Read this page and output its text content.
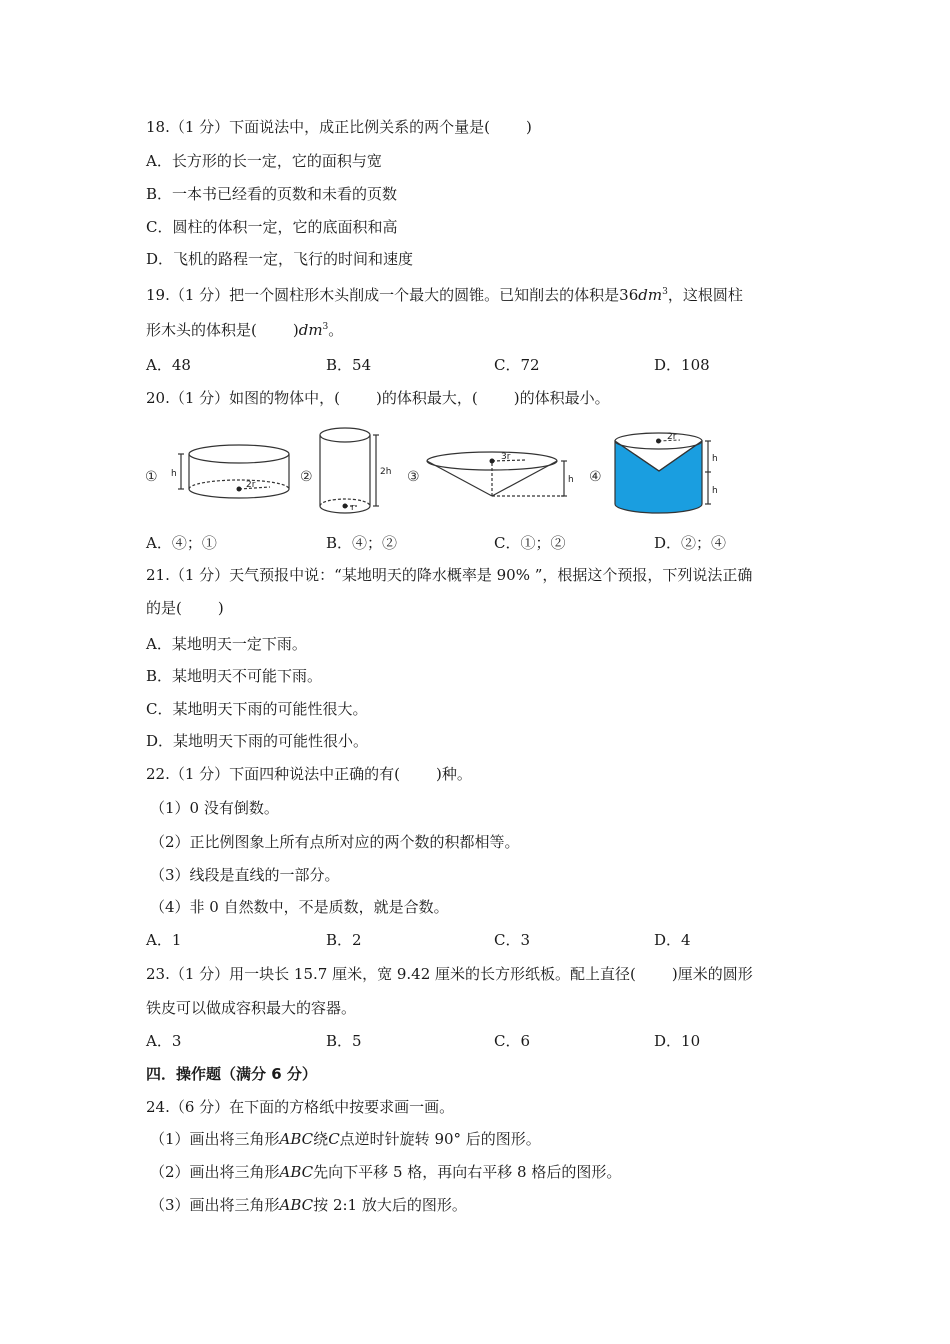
18.（1 分）下面说法中，成正比例关系的两个量是( )
A．长方形的长一定，它的面积与宽
B．一本书已经看的页数和未看的页数
C．圆柱的体积一定，它的底面积和高
D．飞机的路程一定，飞行的时间和速度
19.（1 分）把一个圆柱形木头削成一个最大的圆锥。已知削去的体积是$36dm^3$，这根圆柱
形木头的体积是( )$dm^3$。
A．48	B．54	C．72	D．108
20.（1 分）如图的物体中，( )的体积最大，( )的体积最小。
① h
2r	②	2h
r
③	h
3r
④
2r
h
h
A．④；①	B．④；②	C．①；②	D．②；④
21.（1 分）天气预报中说：“某地明天的降水概率是 90% ”，根据这个预报，下列说法正确
的是( )
A．某地明天一定下雨。
B．某地明天不可能下雨。
C．某地明天下雨的可能性很大。
D．某地明天下雨的可能性很小。
22.（1 分）下面四种说法中正确的有( )种。
（1）0 没有倒数。
（2）正比例图象上所有点所对应的两个数的积都相等。
（3）线段是直线的一部分。
（4）非 0 自然数中，不是质数，就是合数。
A．1	B．2	C．3	D．4
23.（1 分）用一块长 15.7 厘米，宽 9.42 厘米的长方形纸板。配上直径( )厘米的圆形
铁皮可以做成容积最大的容器。
A．3	B．5	C．6	D．10
四．操作题（满分 6 分）
24.（6 分）在下面的方格纸中按要求画一画。
（1）画出将三角形ABC绕C点逆时针旋转 90° 后的图形。
（2）画出将三角形ABC先向下平移 5 格，再向右平移 8 格后的图形。
（3）画出将三角形ABC按 2:1 放大后的图形。
